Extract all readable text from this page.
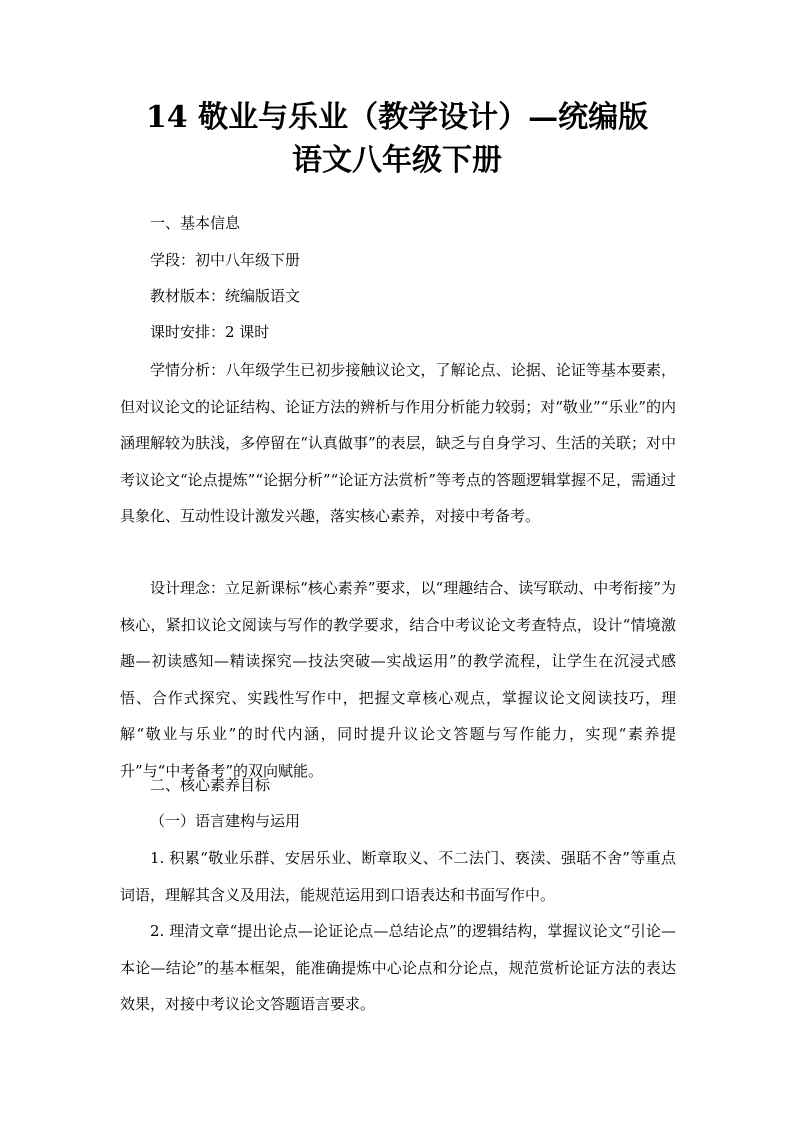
14 敬业与乐业（教学设计）—统编版
语文八年级下册

一、基本信息

学段：初中八年级下册

教材版本：统编版语文

课时安排：2 课时

学情分析：八年级学生已初步接触议论文，了解论点、论据、论证等基本要素，但对议论文的论证结构、论证方法的辨析与作用分析能力较弱；对“敬业”“乐业”的内涵理解较为肤浅，多停留在“认真做事”的表层，缺乏与自身学习、生活的关联；对中考议论文“论点提炼”“论据分析”“论证方法赏析”等考点的答题逻辑掌握不足，需通过具象化、互动性设计激发兴趣，落实核心素养，对接中考备考。

设计理念：立足新课标“核心素养”要求，以“理趣结合、读写联动、中考衔接”为核心，紧扣议论文阅读与写作的教学要求，结合中考议论文考查特点，设计“情境激趣—初读感知—精读探究—技法突破—实战运用”的教学流程，让学生在沉浸式感悟、合作式探究、实践性写作中，把握文章核心观点，掌握议论文阅读技巧，理解“敬业与乐业”的时代内涵，同时提升议论文答题与写作能力，实现“素养提升”与“中考备考”的双向赋能。

二、核心素养目标

（一）语言建构与运用

1. 积累“敬业乐群、安居乐业、断章取义、不二法门、亵渎、强聒不舍”等重点词语，理解其含义及用法，能规范运用到口语表达和书面写作中。

2. 理清文章“提出论点—论证论点—总结论点”的逻辑结构，掌握议论文“引论—本论—结论”的基本框架，能准确提炼中心论点和分论点，规范赏析论证方法的表达效果，对接中考议论文答题语言要求。
